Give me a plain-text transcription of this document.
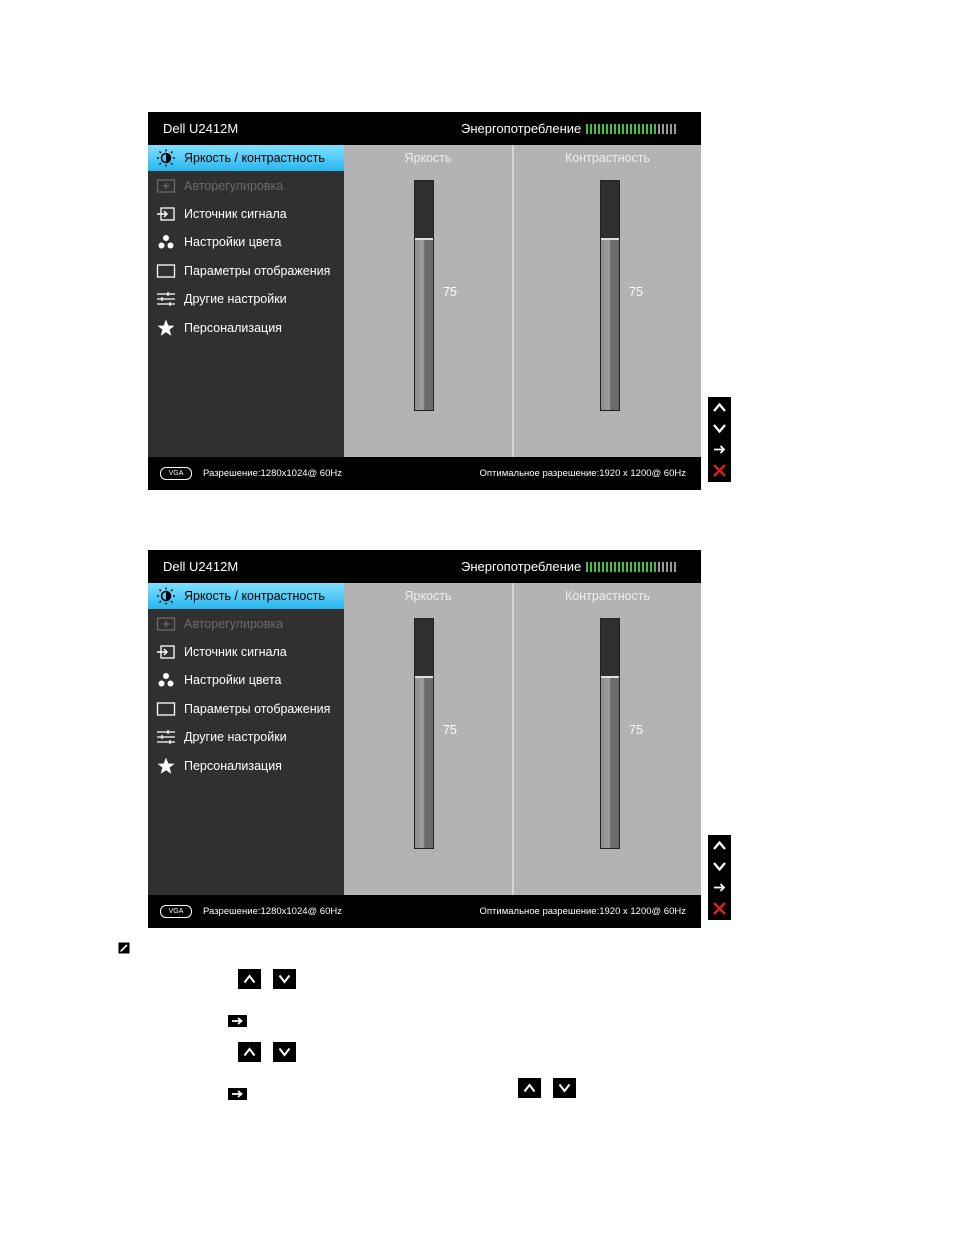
Dell U2412M	Энергопотребление
Яркость / контрастность
Авторегулировка
Источник сигнала
Настройки цвета
Параметры отображения
Другие настройки
Персонализация
Яркость
75
Контрастность
75
VGA	Разрешение:1280x1024@ 60Hz	Оптимальное разрешение:1920 x 1200@ 60Hz
Dell U2412M	Энергопотребление
Яркость / контрастность
Авторегулировка
Источник сигнала
Настройки цвета
Параметры отображения
Другие настройки
Персонализация
Яркость
75
Контрастность
75
VGA	Разрешение:1280x1024@ 60Hz	Оптимальное разрешение:1920 x 1200@ 60Hz
